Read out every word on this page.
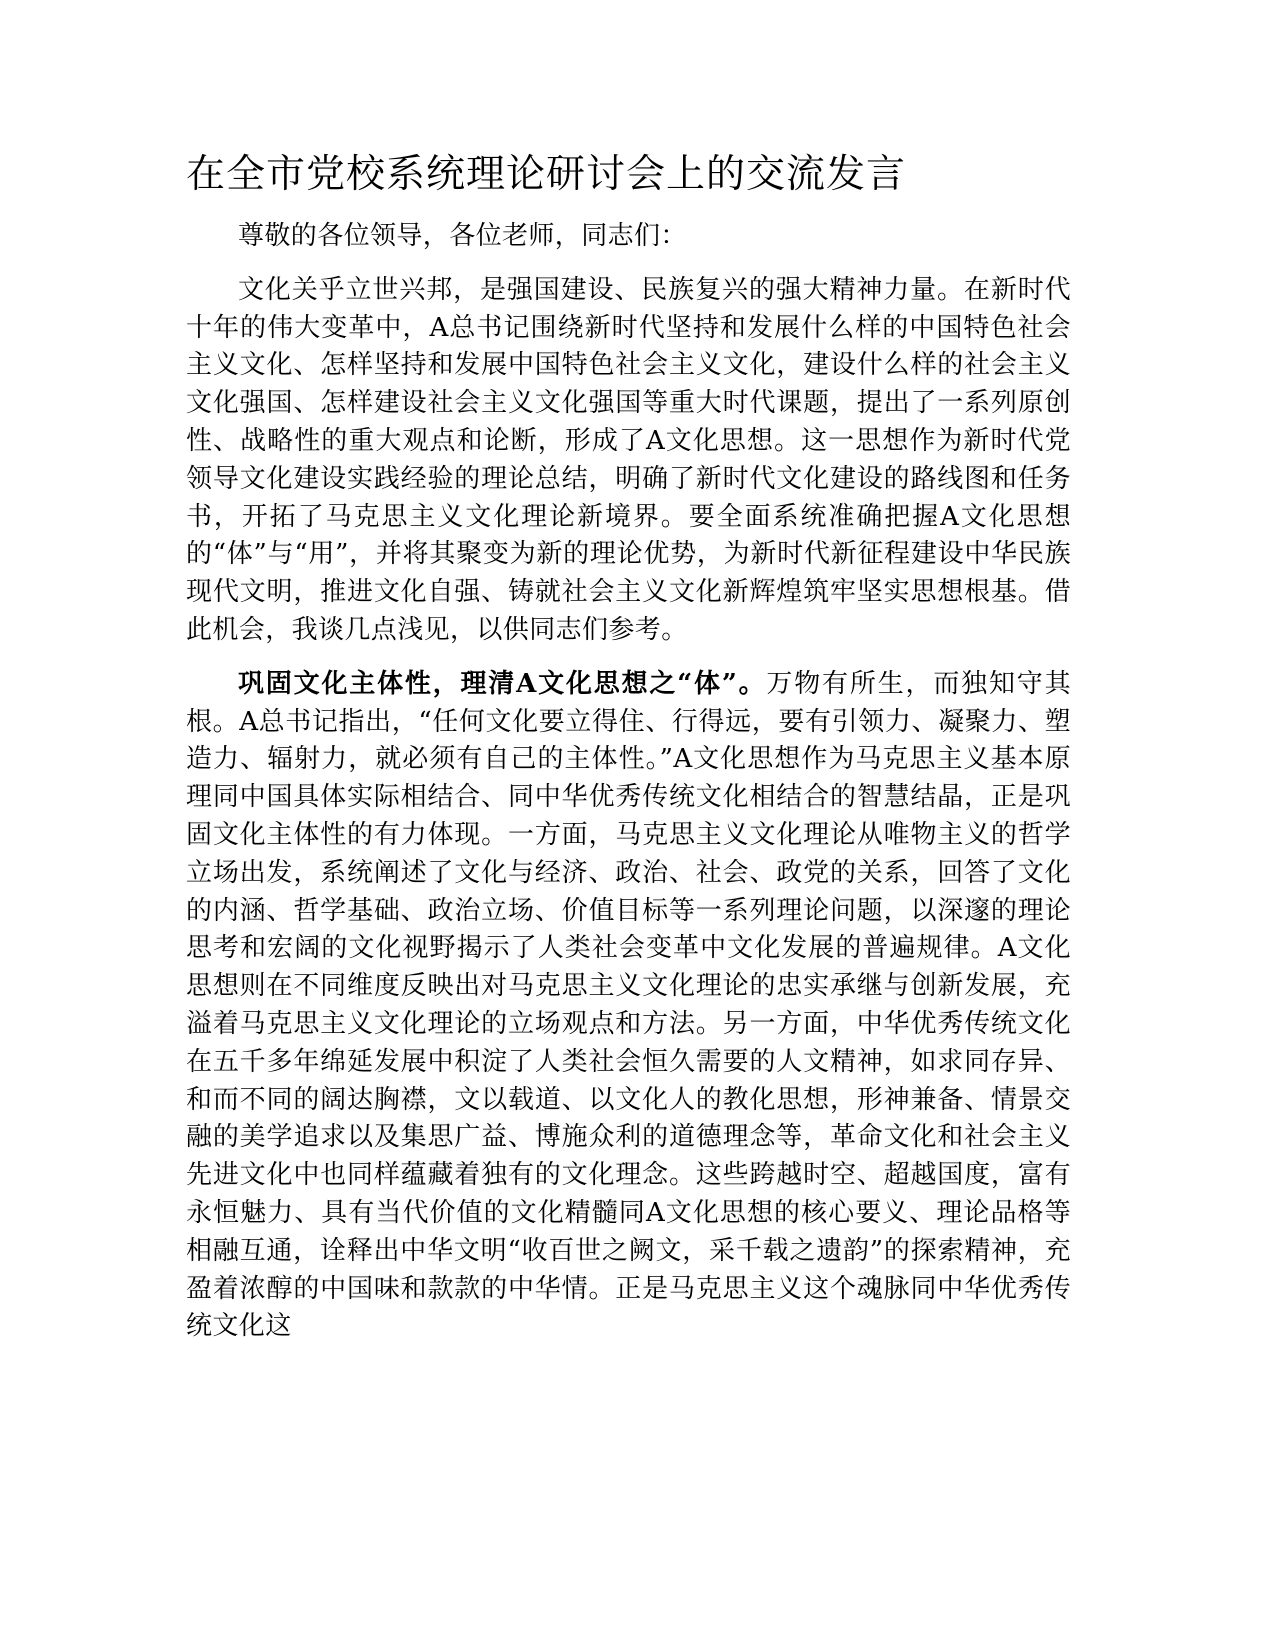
在全市党校系统理论研讨会上的交流发言

尊敬的各位领导，各位老师，同志们：

文化关乎立世兴邦，是强国建设、民族复兴的强大精神力量。在新时代十年的伟大变革中，A总书记围绕新时代坚持和发展什么样的中国特色社会主义文化、怎样坚持和发展中国特色社会主义文化，建设什么样的社会主义文化强国、怎样建设社会主义文化强国等重大时代课题，提出了一系列原创性、战略性的重大观点和论断，形成了A文化思想。这一思想作为新时代党领导文化建设实践经验的理论总结，明确了新时代文化建设的路线图和任务书，开拓了马克思主义文化理论新境界。要全面系统准确把握A文化思想的“体”与“用”，并将其聚变为新的理论优势，为新时代新征程建设中华民族现代文明，推进文化自强、铸就社会主义文化新辉煌筑牢坚实思想根基。借此机会，我谈几点浅见，以供同志们参考。

巩固文化主体性，理清A文化思想之“体”。万物有所生，而独知守其根。A总书记指出，“任何文化要立得住、行得远，要有引领力、凝聚力、塑造力、辐射力，就必须有自己的主体性。”A文化思想作为马克思主义基本原理同中国具体实际相结合、同中华优秀传统文化相结合的智慧结晶，正是巩固文化主体性的有力体现。一方面，马克思主义文化理论从唯物主义的哲学立场出发，系统阐述了文化与经济、政治、社会、政党的关系，回答了文化的内涵、哲学基础、政治立场、价值目标等一系列理论问题，以深邃的理论思考和宏阔的文化视野揭示了人类社会变革中文化发展的普遍规律。A文化思想则在不同维度反映出对马克思主义文化理论的忠实承继与创新发展，充溢着马克思主义文化理论的立场观点和方法。另一方面，中华优秀传统文化在五千多年绵延发展中积淀了人类社会恒久需要的人文精神，如求同存异、和而不同的阔达胸襟，文以载道、以文化人的教化思想，形神兼备、情景交融的美学追求以及集思广益、博施众利的道德理念等，革命文化和社会主义先进文化中也同样蕴藏着独有的文化理念。这些跨越时空、超越国度，富有永恒魅力、具有当代价值的文化精髓同A文化思想的核心要义、理论品格等相融互通，诠释出中华文明“收百世之阙文，采千载之遗韵”的探索精神，充盈着浓醇的中国味和款款的中华情。正是马克思主义这个魂脉同中华优秀传统文化这
